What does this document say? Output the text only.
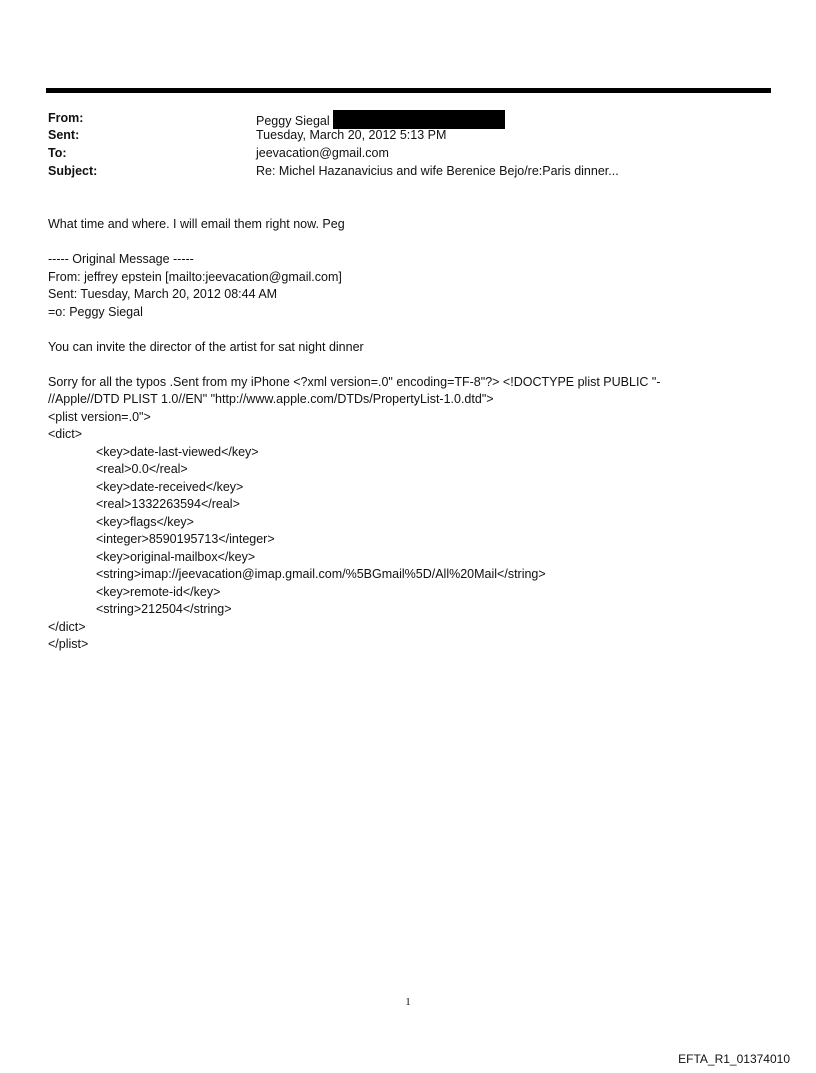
From:	Peggy Siegal
Sent:	Tuesday, March 20, 2012 5:13 PM
To:	jeevacation@gmail.com
Subject:	Re: Michel Hazanavicius and wife Berenice Bejo/re:Paris dinner...

What time and where. I will email them right now. Peg

----- Original Message -----

From: jeffrey epstein [mailto:jeevacation@gmail.com]

Sent: Tuesday, March 20, 2012 08:44 AM

=o: Peggy Siegal

You can invite the director of the artist for sat night dinner

Sorry for all the typos .Sent from my iPhone <?xml version=.0" encoding=TF-8"?> <!DOCTYPE plist PUBLIC "-

//Apple//DTD PLIST 1.0//EN" "http://www.apple.com/DTDs/PropertyList-1.0.dtd">

<plist version=.0">

<dict>

<key>date-last-viewed</key>

<real>0.0</real>

<key>date-received</key>

<real>1332263594</real>

<key>flags</key>

<integer>8590195713</integer>

<key>original-mailbox</key>

<string>imap://jeevacation@imap.gmail.com/%5BGmail%5D/All%20Mail</string>

<key>remote-id</key>

<string>212504</string>

</dict>

</plist>

1
EFTA_R1_01374010
